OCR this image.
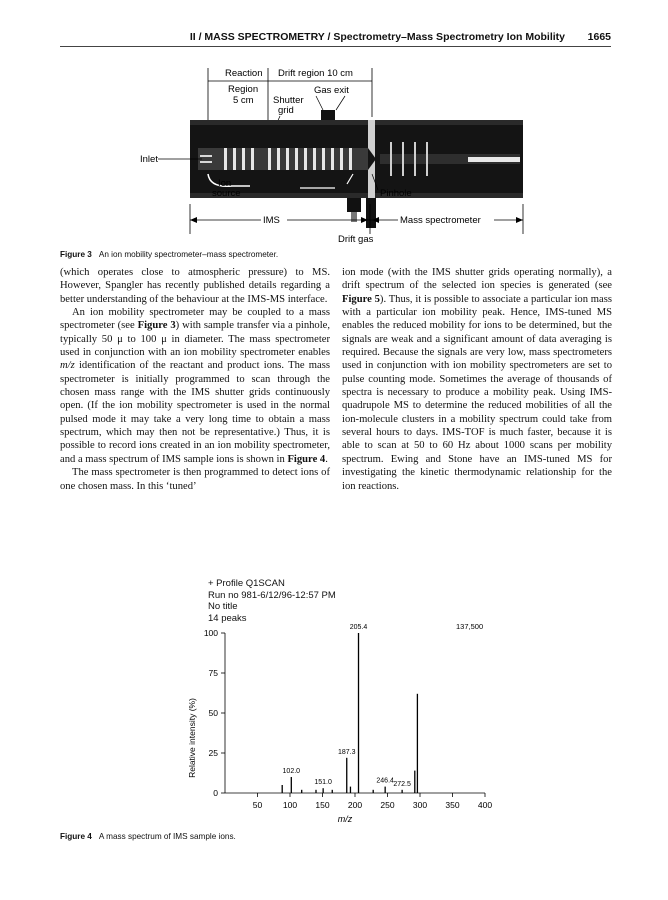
II / MASS SPECTROMETRY / Spectrometry–Mass Spectrometry Ion Mobility 1665
Reaction Drift region 10 cm
Region
5 cm Shutter
grid
Gas exit
Inlet
Ion
source	Pinhole
IMS	Mass spectrometer
Drift gas
Figure 3 An ion mobility spectrometer–mass spectrometer.

(which operates close to atmospheric pressure) to MS. However, Spangler has recently published details regarding a better understanding of the behaviour at the IMS-MS interface.

An ion mobility spectrometer may be coupled to a mass spectrometer (see Figure 3) with sample transfer via a pinhole, typically 50 μ to 100 μ in diameter. The mass spectrometer used in conjunction with an ion mobility spectrometer enables m/z identification of the reactant and product ions. The mass spectrometer is initially programmed to scan through the chosen mass range with the IMS shutter grids continuously open. (If the ion mobility spectrometer is used in the normal pulsed mode it may take a very long time to obtain a mass spectrum, which may then not be representative.) Thus, it is possible to record ions created in an ion mobility spectrometer, and a mass spectrum of IMS sample ions is shown in Figure 4.

The mass spectrometer is then programmed to detect ions of one chosen mass. In this ‘tuned’

ion mode (with the IMS shutter grids operating normally), a drift spectrum of the selected ion species is generated (see Figure 5). Thus, it is possible to associate a particular ion mass with a particular ion mobility peak. Hence, IMS-tuned MS enables the reduced mobility for ions to be determined, but the signals are weak and a significant amount of data averaging is required. Because the signals are very low, mass spectrometers used in conjunction with ion mobility spectrometers are set to pulse counting mode. Sometimes the average of thousands of spectra is necessary to produce a mobility peak. Using IMS-quadrupole MS to determine the reduced mobilities of all the ion-molecule clusters in a mobility spectrum could take from several hours to days. IMS-TOF is much faster, because it is able to scan at 50 to 60 Hz about 1000 scans per mobility spectrum. Ewing and Stone have an IMS-tuned MS for investigating the kinetic thermodynamic relationship for the ion reactions.

+ Profile Q1SCAN
Run no 981-6/12/96-12:57 PM
No title
14 peaks
137,500
Relative intensity (%)
m/z
0
25
50
75
100
50 100 150 200 250 300 350 400
102.0
151.0
187.3
205.4
246.4 272.5
Figure 4 A mass spectrum of IMS sample ions.
